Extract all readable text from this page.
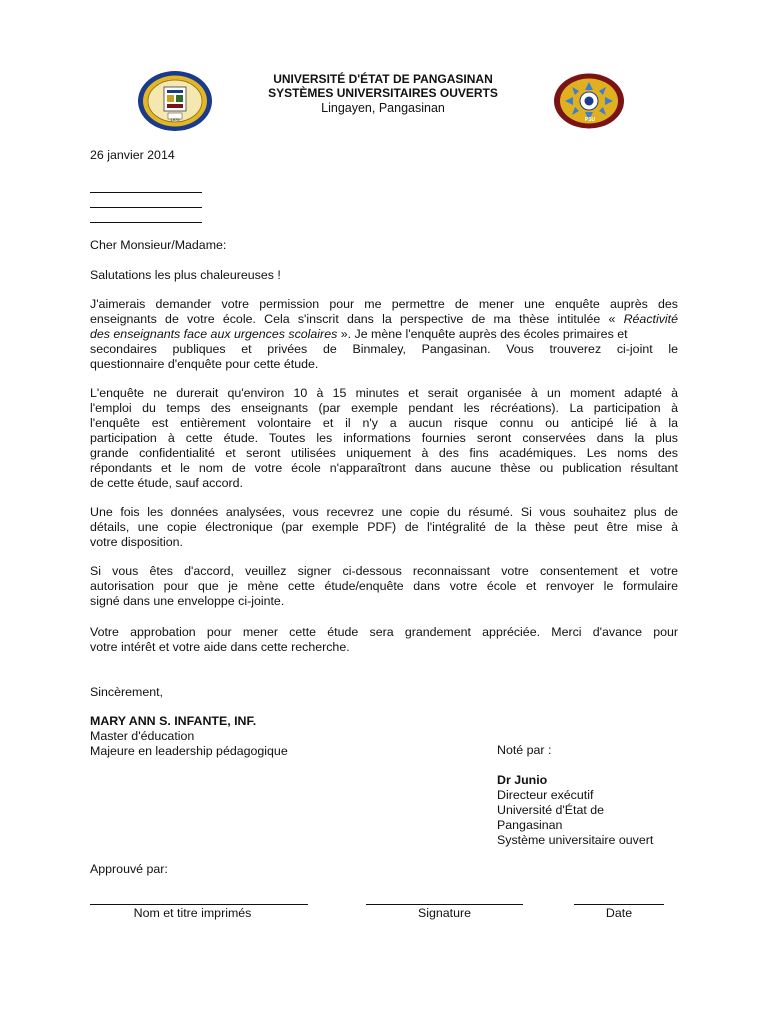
1979	PSU
UNIVERSITÉ D'ÉTAT DE PANGASINAN
SYSTÈMES UNIVERSITAIRES OUVERTS
Lingayen, Pangasinan
26 janvier 2014
Cher Monsieur/Madame:
Salutations les plus chaleureuses !
J'aimerais demander votre permission pour me permettre de mener une enquête auprès des
enseignants de votre école. Cela s'inscrit dans la perspective de ma thèse intitulée « Réactivité
des enseignants face aux urgences scolaires ». Je mène l'enquête auprès des écoles primaires et
secondaires publiques et privées de Binmaley, Pangasinan. Vous trouverez ci-joint le
questionnaire d'enquête pour cette étude.
L'enquête ne durerait qu'environ 10 à 15 minutes et serait organisée à un moment adapté à
l'emploi du temps des enseignants (par exemple pendant les récréations). La participation à
l'enquête est entièrement volontaire et il n'y a aucun risque connu ou anticipé lié à la
participation à cette étude. Toutes les informations fournies seront conservées dans la plus
grande confidentialité et seront utilisées uniquement à des fins académiques. Les noms des
répondants et le nom de votre école n'apparaîtront dans aucune thèse ou publication résultant
de cette étude, sauf accord.
Une fois les données analysées, vous recevrez une copie du résumé. Si vous souhaitez plus de
détails, une copie électronique (par exemple PDF) de l'intégralité de la thèse peut être mise à
votre disposition.
Si vous êtes d'accord, veuillez signer ci-dessous reconnaissant votre consentement et votre
autorisation pour que je mène cette étude/enquête dans votre école et renvoyer le formulaire
signé dans une enveloppe ci-jointe.
Votre approbation pour mener cette étude sera grandement appréciée. Merci d'avance pour
votre intérêt et votre aide dans cette recherche.
Sincèrement,
MARY ANN S. INFANTE, INF.
Master d'éducation
Majeure en leadership pédagogique	Noté par :
Dr Junio
Directeur exécutif
Université d'État de
Pangasinan
Système universitaire ouvert
Approuvé par:
Nom et titre imprimés	Signature	Date
